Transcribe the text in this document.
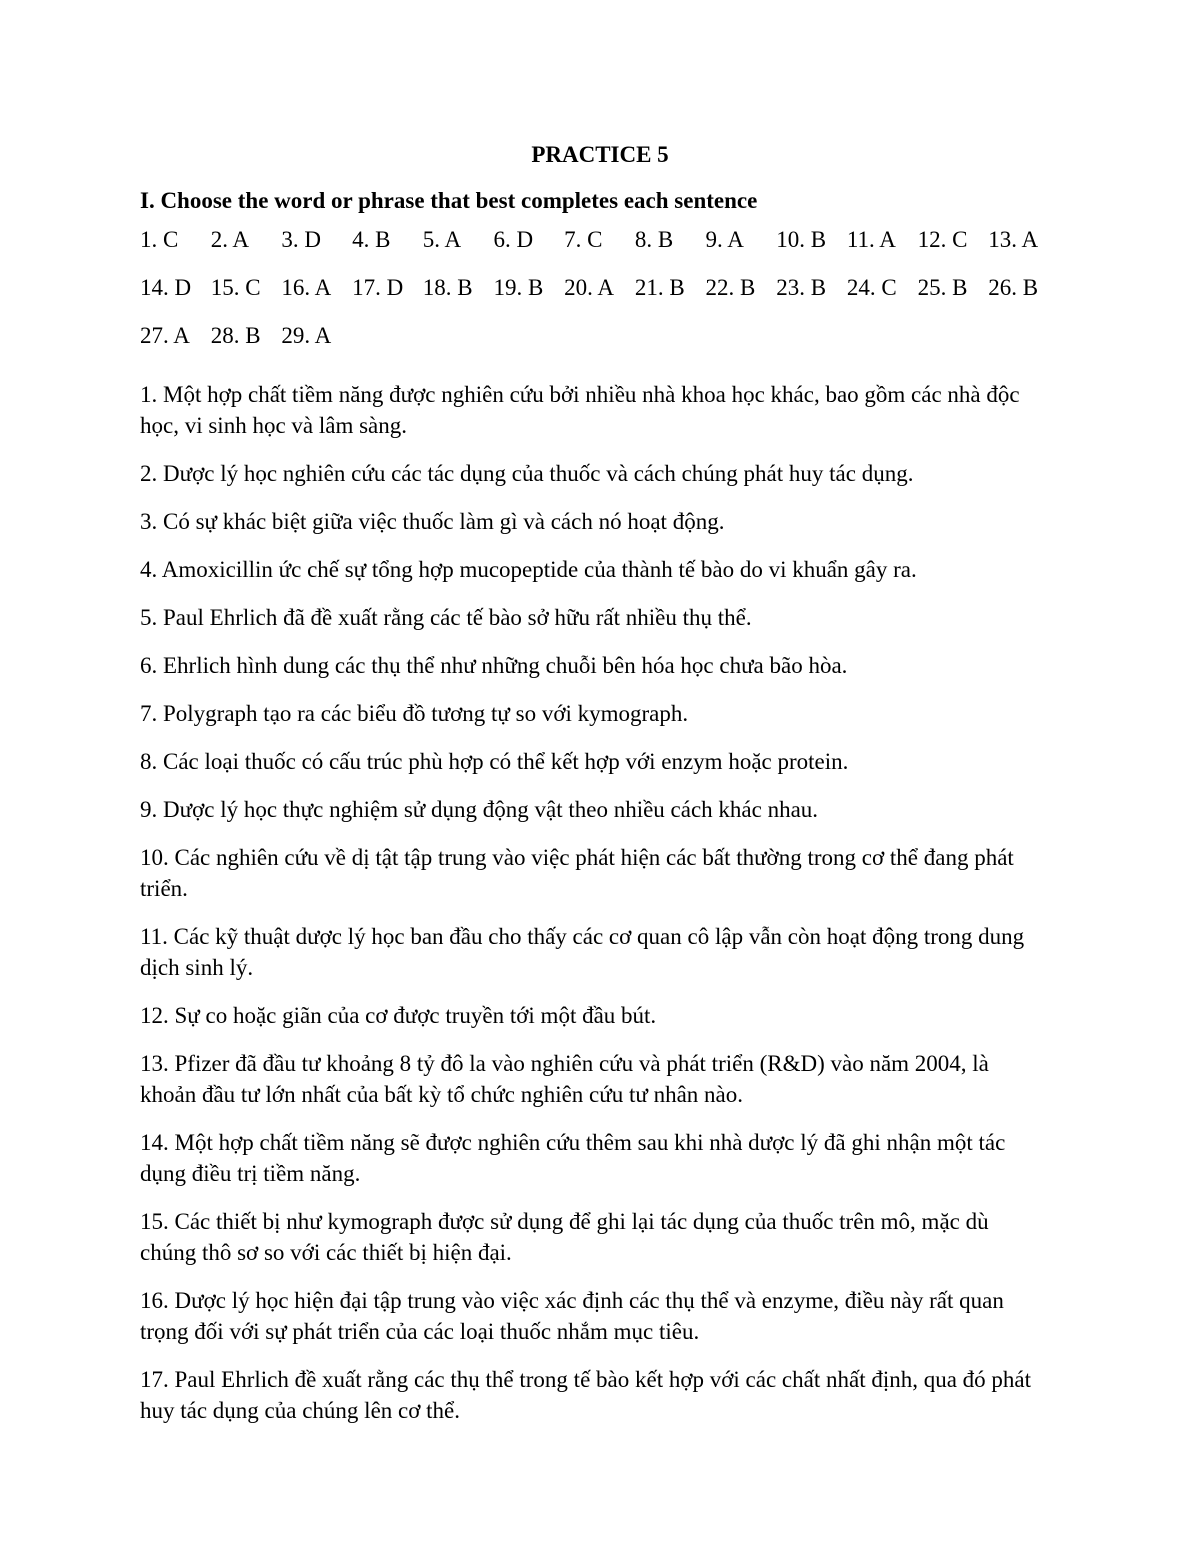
PRACTICE 5
I. Choose the word or phrase that best completes each sentence
1. C	2. A	3. D	4. B	5. A	6. D	7. C	8. B	9. A	10. B 11. A 12. C 13. A
14. D 15. C 16. A 17. D 18. B 19. B 20. A 21. B 22. B 23. B 24. C 25. B 26. B
27. A 28. B 29. A

1. Một hợp chất tiềm năng được nghiên cứu bởi nhiều nhà khoa học khác, bao gồm các nhà độc học, vi sinh học và lâm sàng.

2. Dược lý học nghiên cứu các tác dụng của thuốc và cách chúng phát huy tác dụng.

3. Có sự khác biệt giữa việc thuốc làm gì và cách nó hoạt động.

4. Amoxicillin ức chế sự tổng hợp mucopeptide của thành tế bào do vi khuẩn gây ra.

5. Paul Ehrlich đã đề xuất rằng các tế bào sở hữu rất nhiều thụ thể.

6. Ehrlich hình dung các thụ thể như những chuỗi bên hóa học chưa bão hòa.

7. Polygraph tạo ra các biểu đồ tương tự so với kymograph.

8. Các loại thuốc có cấu trúc phù hợp có thể kết hợp với enzym hoặc protein.

9. Dược lý học thực nghiệm sử dụng động vật theo nhiều cách khác nhau.

10. Các nghiên cứu về dị tật tập trung vào việc phát hiện các bất thường trong cơ thể đang phát triển.

11. Các kỹ thuật dược lý học ban đầu cho thấy các cơ quan cô lập vẫn còn hoạt động trong dung dịch sinh lý.

12. Sự co hoặc giãn của cơ được truyền tới một đầu bút.

13. Pfizer đã đầu tư khoảng 8 tỷ đô la vào nghiên cứu và phát triển (R&D) vào năm 2004, là khoản đầu tư lớn nhất của bất kỳ tổ chức nghiên cứu tư nhân nào.

14. Một hợp chất tiềm năng sẽ được nghiên cứu thêm sau khi nhà dược lý đã ghi nhận một tác dụng điều trị tiềm năng.

15. Các thiết bị như kymograph được sử dụng để ghi lại tác dụng của thuốc trên mô, mặc dù chúng thô sơ so với các thiết bị hiện đại.

16. Dược lý học hiện đại tập trung vào việc xác định các thụ thể và enzyme, điều này rất quan trọng đối với sự phát triển của các loại thuốc nhắm mục tiêu.

17. Paul Ehrlich đề xuất rằng các thụ thể trong tế bào kết hợp với các chất nhất định, qua đó phát huy tác dụng của chúng lên cơ thể.
